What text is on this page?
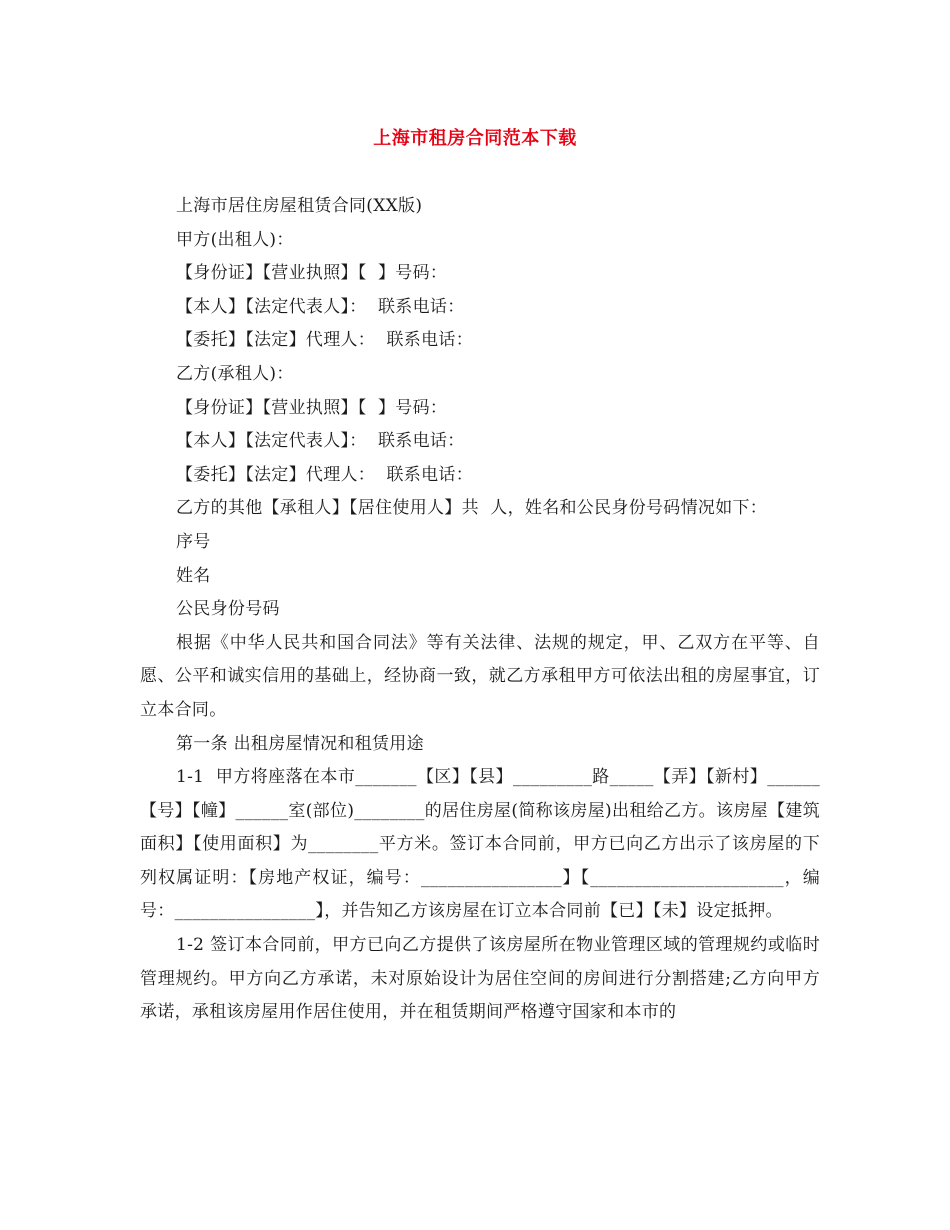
上海市租房合同范本下载

上海市居住房屋租赁合同(XX版)

甲方(出租人)：

【身份证】【营业执照】【  】号码：

【本人】【法定代表人】：  联系电话：

【委托】【法定】代理人：  联系电话：

乙方(承租人)：

【身份证】【营业执照】【  】号码：

【本人】【法定代表人】：  联系电话：

【委托】【法定】代理人：  联系电话：

乙方的其他【承租人】【居住使用人】共  人，姓名和公民身份号码情况如下：

序号

姓名

公民身份号码

根据《中华人民共和国合同法》等有关法律、法规的规定，甲、乙双方在平等、自愿、公平和诚实信用的基础上，经协商一致，就乙方承租甲方可依法出租的房屋事宜，订立本合同。

第一条 出租房屋情况和租赁用途

1-1  甲方将座落在本市_______【区】【县】_________路_____【弄】【新村】______【号】【幢】______室(部位)________的居住房屋(简称该房屋)出租给乙方。该房屋【建筑面积】【使用面积】为________平方米。签订本合同前，甲方已向乙方出示了该房屋的下列权属证明：【房地产权证，编号：________________】【______________________，编号：________________】，并告知乙方该房屋在订立本合同前【已】【未】设定抵押。

1-2 签订本合同前，甲方已向乙方提供了该房屋所在物业管理区域的管理规约或临时管理规约。甲方向乙方承诺，未对原始设计为居住空间的房间进行分割搭建;乙方向甲方承诺，承租该房屋用作居住使用，并在租赁期间严格遵守国家和本市的
